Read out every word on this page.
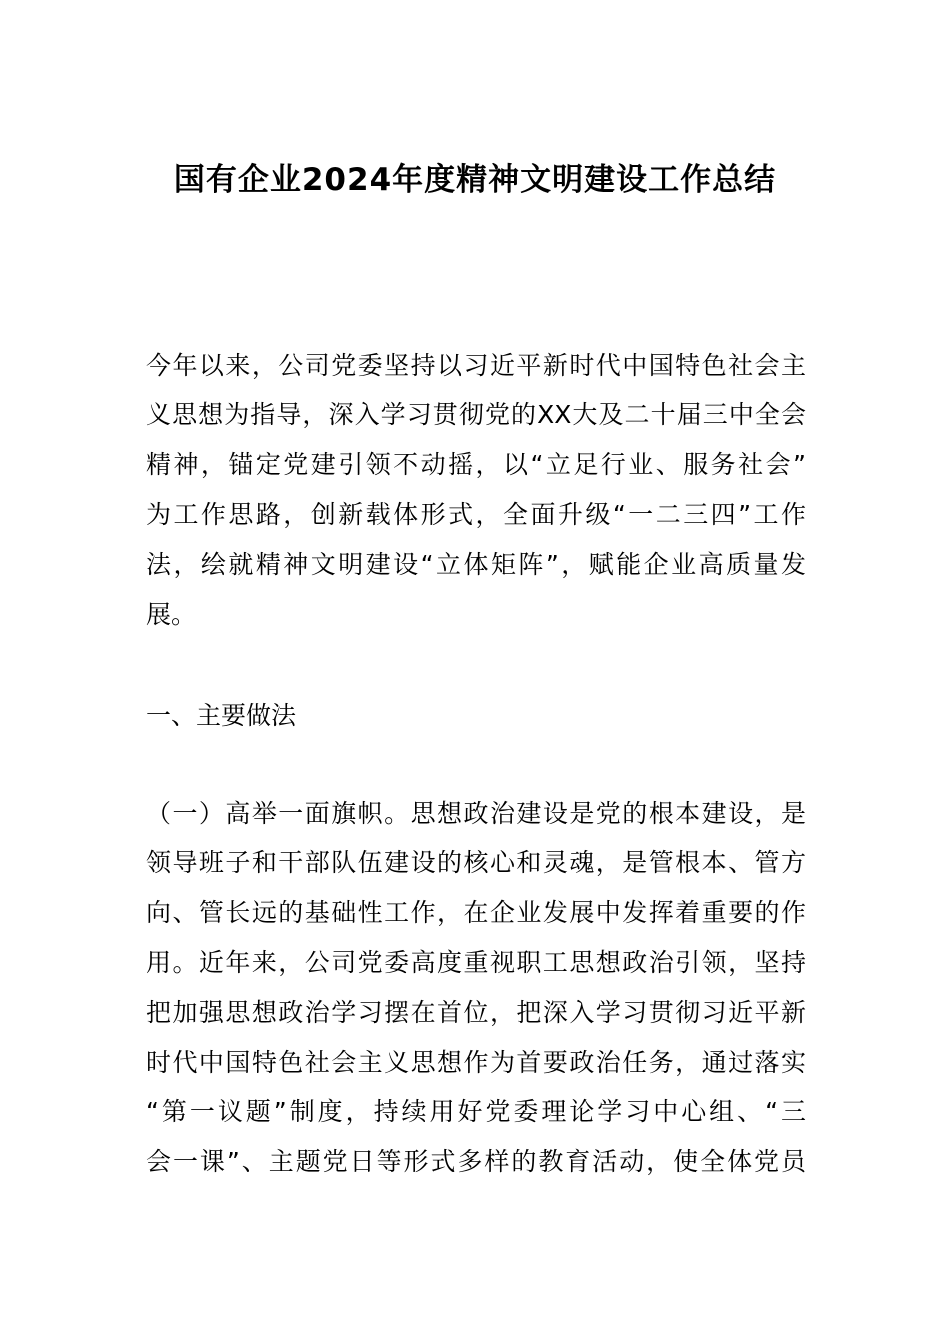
国有企业2024年度精神文明建设工作总结
今年以来，公司党委坚持以习近平新时代中国特色社会主
义思想为指导，深入学习贯彻党的XX大及二十届三中全会
精神，锚定党建引领不动摇，以“立足行业、服务社会”
为工作思路，创新载体形式，全面升级“一二三四”工作
法，绘就精神文明建设“立体矩阵”，赋能企业高质量发
展。
一、主要做法
（一）高举一面旗帜。思想政治建设是党的根本建设，是
领导班子和干部队伍建设的核心和灵魂，是管根本、管方
向、管长远的基础性工作，在企业发展中发挥着重要的作
用。近年来，公司党委高度重视职工思想政治引领，坚持
把加强思想政治学习摆在首位，把深入学习贯彻习近平新
时代中国特色社会主义思想作为首要政治任务，通过落实
“第一议题”制度，持续用好党委理论学习中心组、“三
会一课”、主题党日等形式多样的教育活动，使全体党员
